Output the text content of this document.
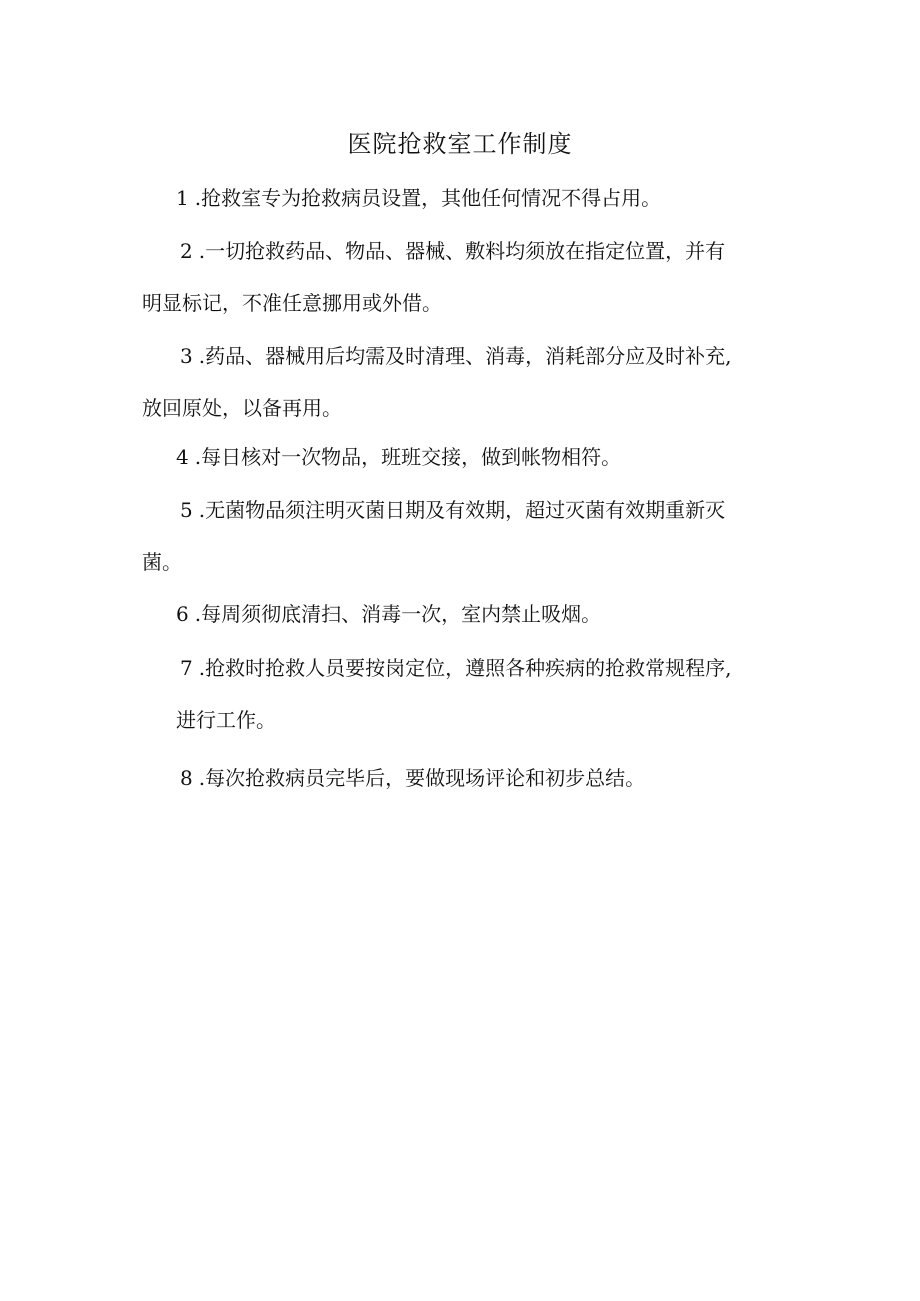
医院抢救室工作制度
1 .抢救室专为抢救病员设置，其他任何情况不得占用。
2 .一切抢救药品、物品、器械、敷料均须放在指定位置，并有
明显标记，不准任意挪用或外借。
3 .药品、器械用后均需及时清理、消毒，消耗部分应及时补充,
放回原处，以备再用。
4 .每日核对一次物品，班班交接，做到帐物相符。
5 .无菌物品须注明灭菌日期及有效期，超过灭菌有效期重新灭
菌。
6 .每周须彻底清扫、消毒一次，室内禁止吸烟。
7 .抢救时抢救人员要按岗定位，遵照各种疾病的抢救常规程序,
进行工作。
8 .每次抢救病员完毕后，要做现场评论和初步总结。
